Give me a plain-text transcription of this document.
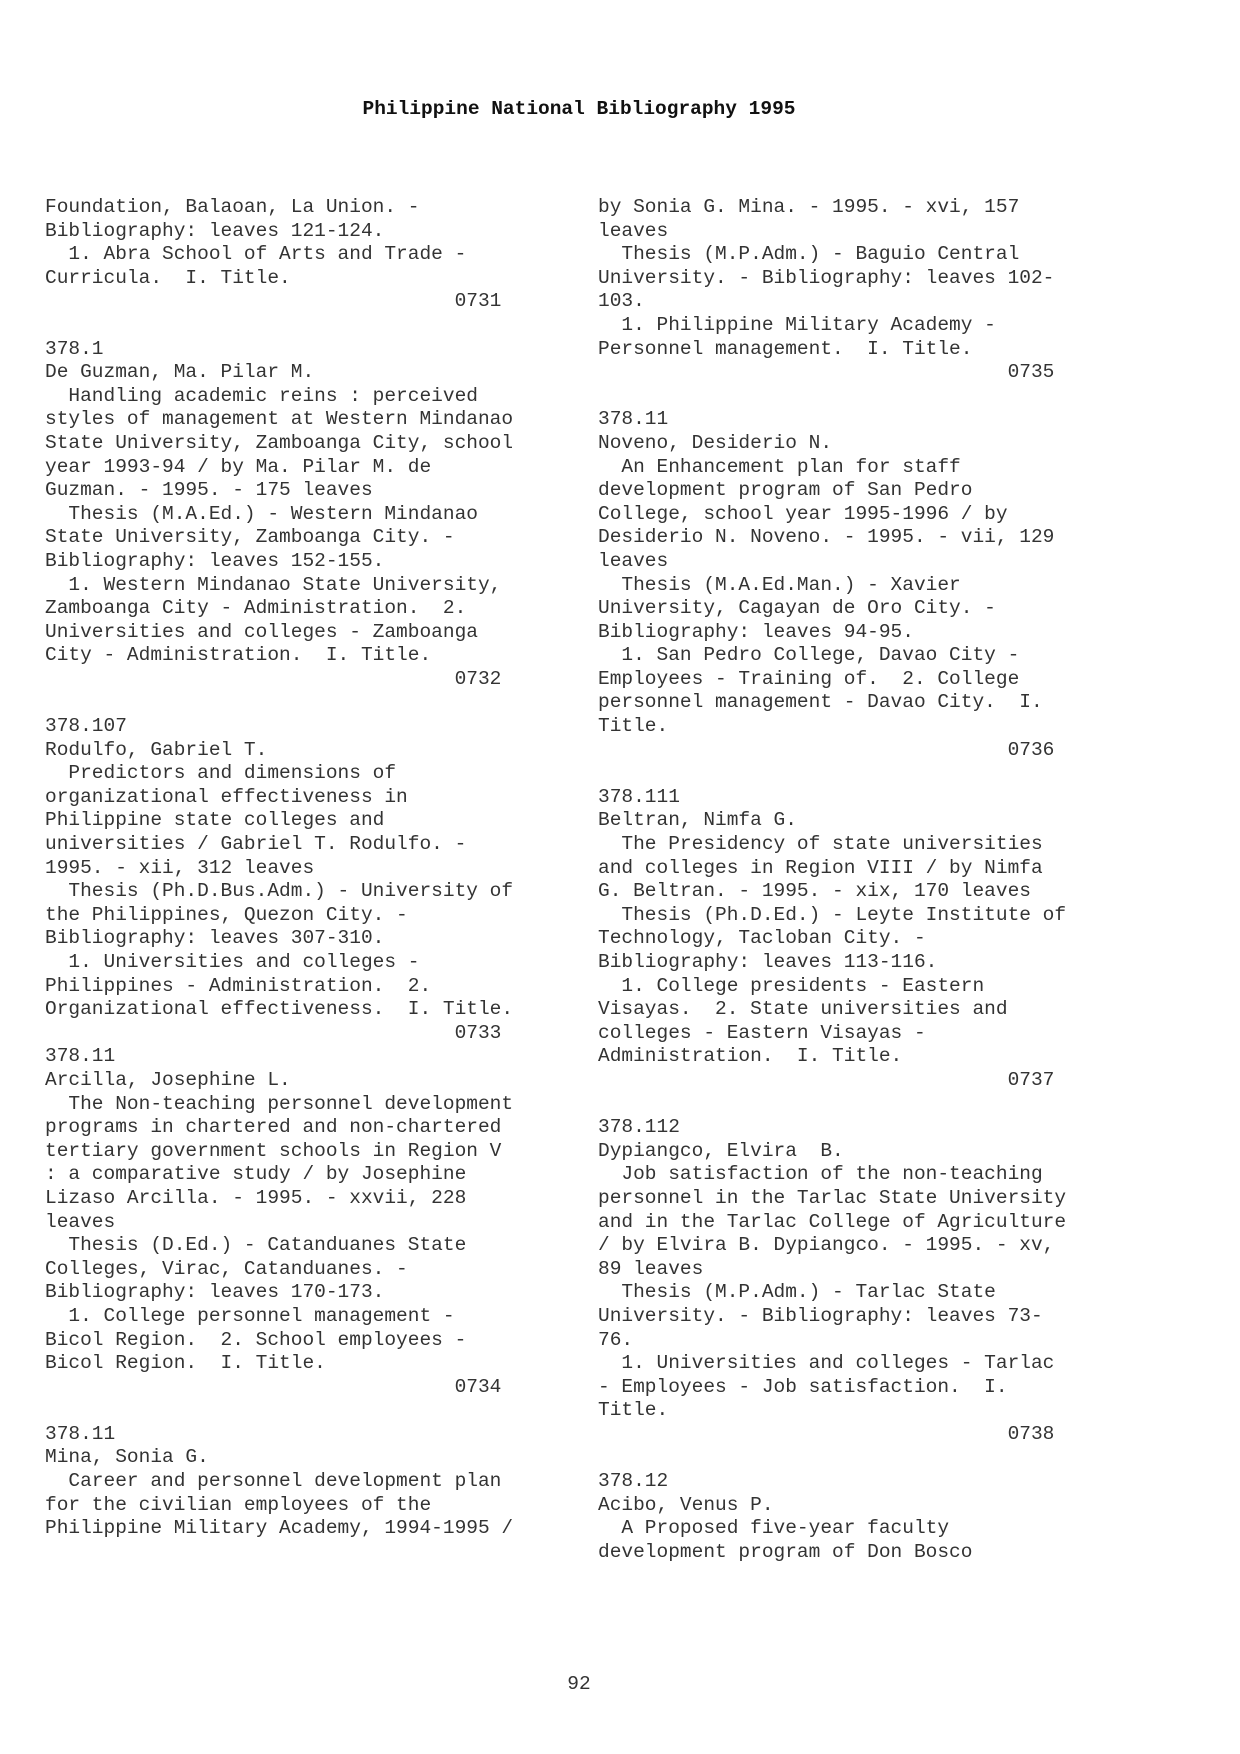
Philippine National Bibliography 1995
Foundation, Balaoan, La Union. -
Bibliography: leaves 121-124.
1. Abra School of Arts and Trade -
Curricula.  I. Title.
0731
378.1
De Guzman, Ma. Pilar M.
Handling academic reins : perceived
styles of management at Western Mindanao
State University, Zamboanga City, school
year 1993-94 / by Ma. Pilar M. de
Guzman. - 1995. - 175 leaves
Thesis (M.A.Ed.) - Western Mindanao
State University, Zamboanga City. -
Bibliography: leaves 152-155.
1. Western Mindanao State University,
Zamboanga City - Administration.  2.
Universities and colleges - Zamboanga
City - Administration.  I. Title.
0732
378.107
Rodulfo, Gabriel T.
Predictors and dimensions of
organizational effectiveness in
Philippine state colleges and
universities / Gabriel T. Rodulfo. -
1995. - xii, 312 leaves
Thesis (Ph.D.Bus.Adm.) - University of
the Philippines, Quezon City. -
Bibliography: leaves 307-310.
1. Universities and colleges -
Philippines - Administration.  2.
Organizational effectiveness.  I. Title.
0733
378.11
Arcilla, Josephine L.
The Non-teaching personnel development
programs in chartered and non-chartered
tertiary government schools in Region V
: a comparative study / by Josephine
Lizaso Arcilla. - 1995. - xxvii, 228
leaves
Thesis (D.Ed.) - Catanduanes State
Colleges, Virac, Catanduanes. -
Bibliography: leaves 170-173.
1. College personnel management -
Bicol Region.  2. School employees -
Bicol Region.  I. Title.
0734
378.11
Mina, Sonia G.
Career and personnel development plan
for the civilian employees of the
Philippine Military Academy, 1994-1995 /
by Sonia G. Mina. - 1995. - xvi, 157
leaves
Thesis (M.P.Adm.) - Baguio Central
University. - Bibliography: leaves 102-
103.
1. Philippine Military Academy -
Personnel management.  I. Title.
0735
378.11
Noveno, Desiderio N.
An Enhancement plan for staff
development program of San Pedro
College, school year 1995-1996 / by
Desiderio N. Noveno. - 1995. - vii, 129
leaves
Thesis (M.A.Ed.Man.) - Xavier
University, Cagayan de Oro City. -
Bibliography: leaves 94-95.
1. San Pedro College, Davao City -
Employees - Training of.  2. College
personnel management - Davao City.  I.
Title.
0736
378.111
Beltran, Nimfa G.
The Presidency of state universities
and colleges in Region VIII / by Nimfa
G. Beltran. - 1995. - xix, 170 leaves
Thesis (Ph.D.Ed.) - Leyte Institute of
Technology, Tacloban City. -
Bibliography: leaves 113-116.
1. College presidents - Eastern
Visayas.  2. State universities and
colleges - Eastern Visayas -
Administration.  I. Title.
0737
378.112
Dypiangco, Elvira  B.
Job satisfaction of the non-teaching
personnel in the Tarlac State University
and in the Tarlac College of Agriculture
/ by Elvira B. Dypiangco. - 1995. - xv,
89 leaves
Thesis (M.P.Adm.) - Tarlac State
University. - Bibliography: leaves 73-
76.
1. Universities and colleges - Tarlac
- Employees - Job satisfaction.  I.
Title.
0738
378.12
Acibo, Venus P.
A Proposed five-year faculty
development program of Don Bosco
92
